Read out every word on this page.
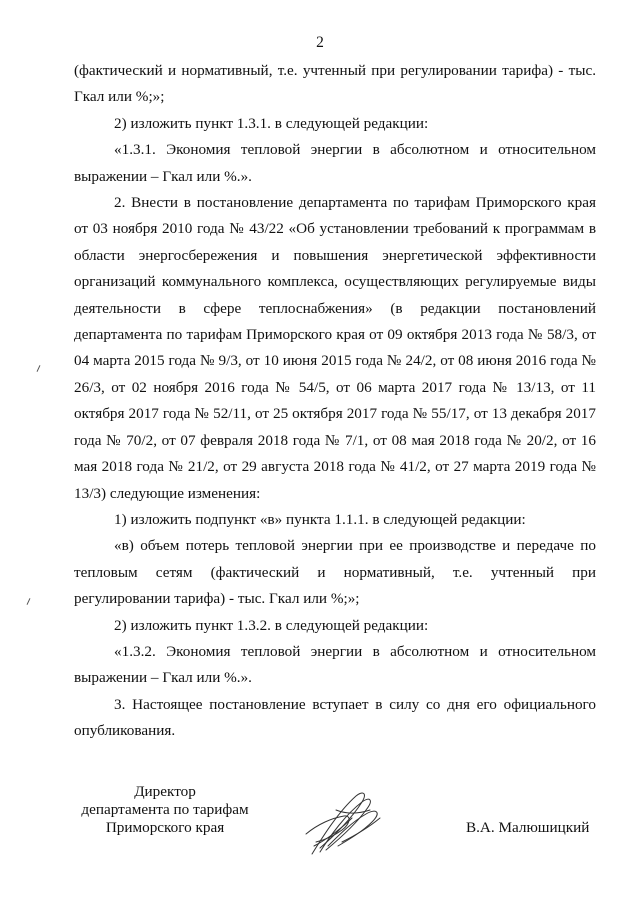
2

(фактический и нормативный, т.е. учтенный при регулировании тарифа) - тыс. Гкал или %;»;

2) изложить пункт 1.3.1. в следующей редакции:

«1.3.1. Экономия тепловой энергии в абсолютном и относительном выражении – Гкал или %.».

2. Внести в постановление департамента по тарифам Приморского края от 03 ноября 2010 года № 43/22 «Об установлении требований к программам в области энергосбережения и повышения энергетической эффективности организаций коммунального комплекса, осуществляющих регулируемые виды деятельности в сфере теплоснабжения» (в редакции постановлений департамента по тарифам Приморского края от 09 октября 2013 года № 58/3, от 04 марта 2015 года № 9/3, от 10 июня 2015 года № 24/2, от 08 июня 2016 года № 26/3, от 02 ноября 2016 года № 54/5, от 06 марта 2017 года № 13/13, от 11 октября 2017 года № 52/11, от 25 октября 2017 года № 55/17, от 13 декабря 2017 года № 70/2, от 07 февраля 2018 года № 7/1, от 08 мая 2018 года № 20/2, от 16 мая 2018 года № 21/2, от 29 августа 2018 года № 41/2, от 27 марта 2019 года № 13/3) следующие изменения:

1) изложить подпункт «в» пункта 1.1.1. в следующей редакции:

«в) объем потерь тепловой энергии при ее производстве и передаче по тепловым сетям (фактический и нормативный, т.е. учтенный при регулировании тарифа) - тыс. Гкал или %;»;

2) изложить пункт 1.3.2. в следующей редакции:

«1.3.2. Экономия тепловой энергии в абсолютном и относительном выражении – Гкал или %.».

3. Настоящее постановление вступает в силу со дня его официального опубликования.

Директор
департамента по тарифам
Приморского края	В.А. Малюшицкий
